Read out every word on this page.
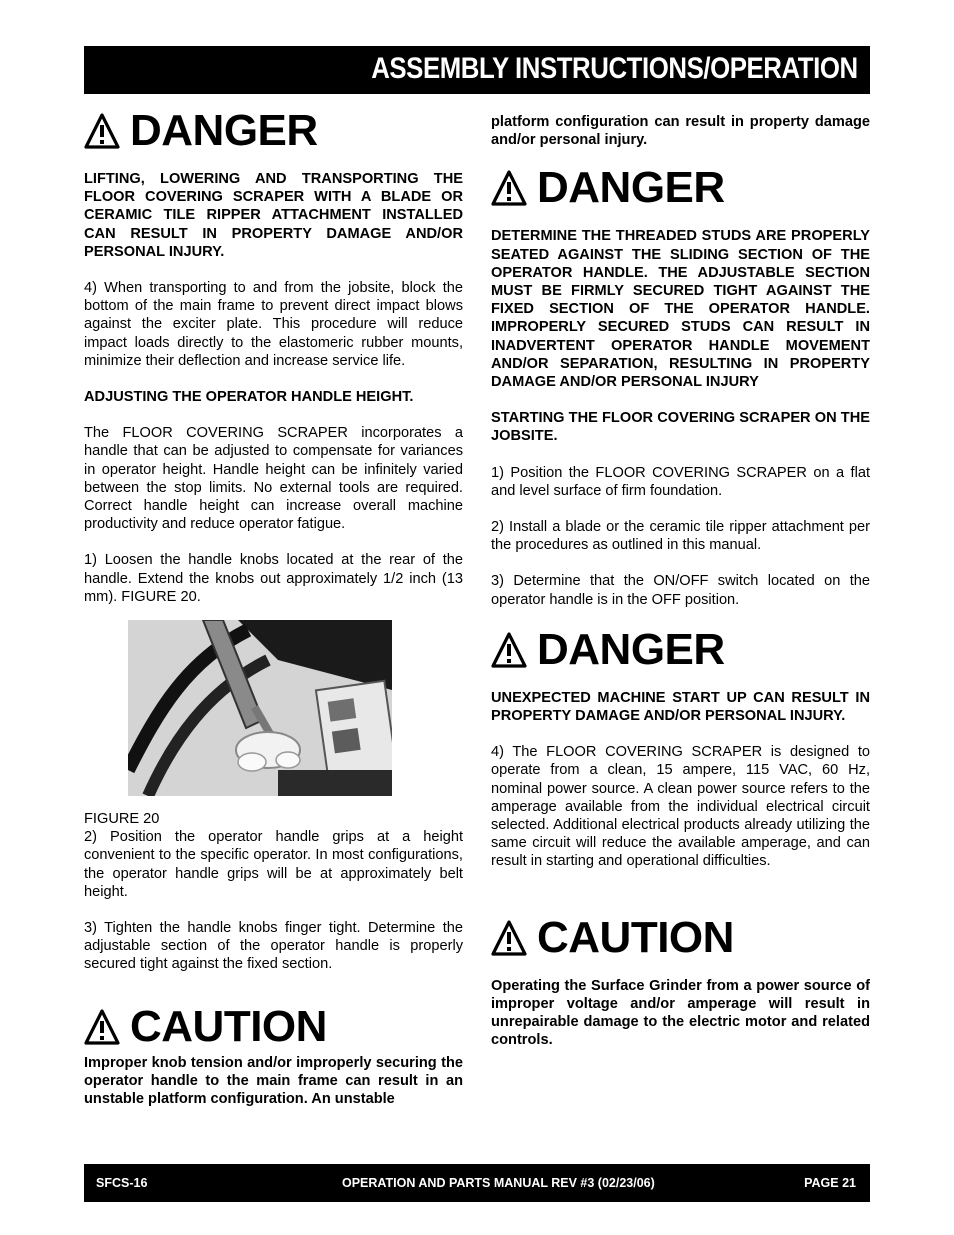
ASSEMBLY INSTRUCTIONS/OPERATION
DANGER

LIFTING, LOWERING AND TRANSPORTING THE FLOOR COVERING SCRAPER WITH A BLADE OR CERAMIC TILE RIPPER ATTACHMENT INSTALLED CAN RESULT IN PROPERTY DAMAGE AND/OR PERSONAL INJURY.

4) When transporting to and from the jobsite, block the bottom of the main frame to prevent direct impact blows against the exciter plate. This procedure will reduce impact loads directly to the elastomeric rubber mounts, minimize their deflection and increase service life.

ADJUSTING THE OPERATOR HANDLE HEIGHT.

The FLOOR COVERING SCRAPER incorporates a handle that can be adjusted to compensate for variances in operator height. Handle height can be infinitely varied between the stop limits. No external tools are required. Correct handle height can increase overall machine productivity and reduce operator fatigue.

1) Loosen the handle knobs located at the rear of the handle. Extend the knobs out approximately 1/2 inch (13 mm). FIGURE 20.

FIGURE 20

2) Position the operator handle grips at a height convenient to the specific operator. In most configurations, the operator handle grips will be at approximately belt height.

3) Tighten the handle knobs finger tight. Determine the adjustable section of the operator handle is properly secured tight against the fixed section.

CAUTION

Improper knob tension and/or improperly securing the operator handle to the main frame can result in an unstable platform configuration. An unstable

platform configuration can result in property damage and/or personal injury.

DANGER

DETERMINE THE THREADED STUDS ARE PROPERLY SEATED AGAINST THE SLIDING SECTION OF THE OPERATOR HANDLE. THE ADJUSTABLE SECTION MUST BE FIRMLY SECURED TIGHT AGAINST THE FIXED SECTION OF THE OPERATOR HANDLE. IMPROPERLY SECURED STUDS CAN RESULT IN INADVERTENT OPERATOR HANDLE MOVEMENT AND/OR SEPARATION, RESULTING IN PROPERTY DAMAGE AND/OR PERSONAL INJURY

STARTING THE FLOOR COVERING SCRAPER ON THE JOBSITE.

1) Position the FLOOR COVERING SCRAPER on a flat and level surface of firm foundation.

2) Install a blade or the ceramic tile ripper attachment per the procedures as outlined in this manual.

3) Determine that the ON/OFF switch located on the operator handle is in the OFF position.

DANGER

UNEXPECTED MACHINE START UP CAN RESULT IN PROPERTY DAMAGE AND/OR PERSONAL INJURY.

4) The FLOOR COVERING SCRAPER is designed to operate from a clean, 15 ampere, 115 VAC, 60 Hz, nominal power source. A clean power source refers to the amperage available from the individual electrical circuit selected. Additional electrical products already utilizing the same circuit will reduce the available amperage, and can result in starting and operational difficulties.

CAUTION

Operating the Surface Grinder from a power source of improper voltage and/or amperage will result in unrepairable damage to the electric motor and related controls.

SFCS-16	OPERATION AND PARTS MANUAL REV #3 (02/23/06)	PAGE 21
